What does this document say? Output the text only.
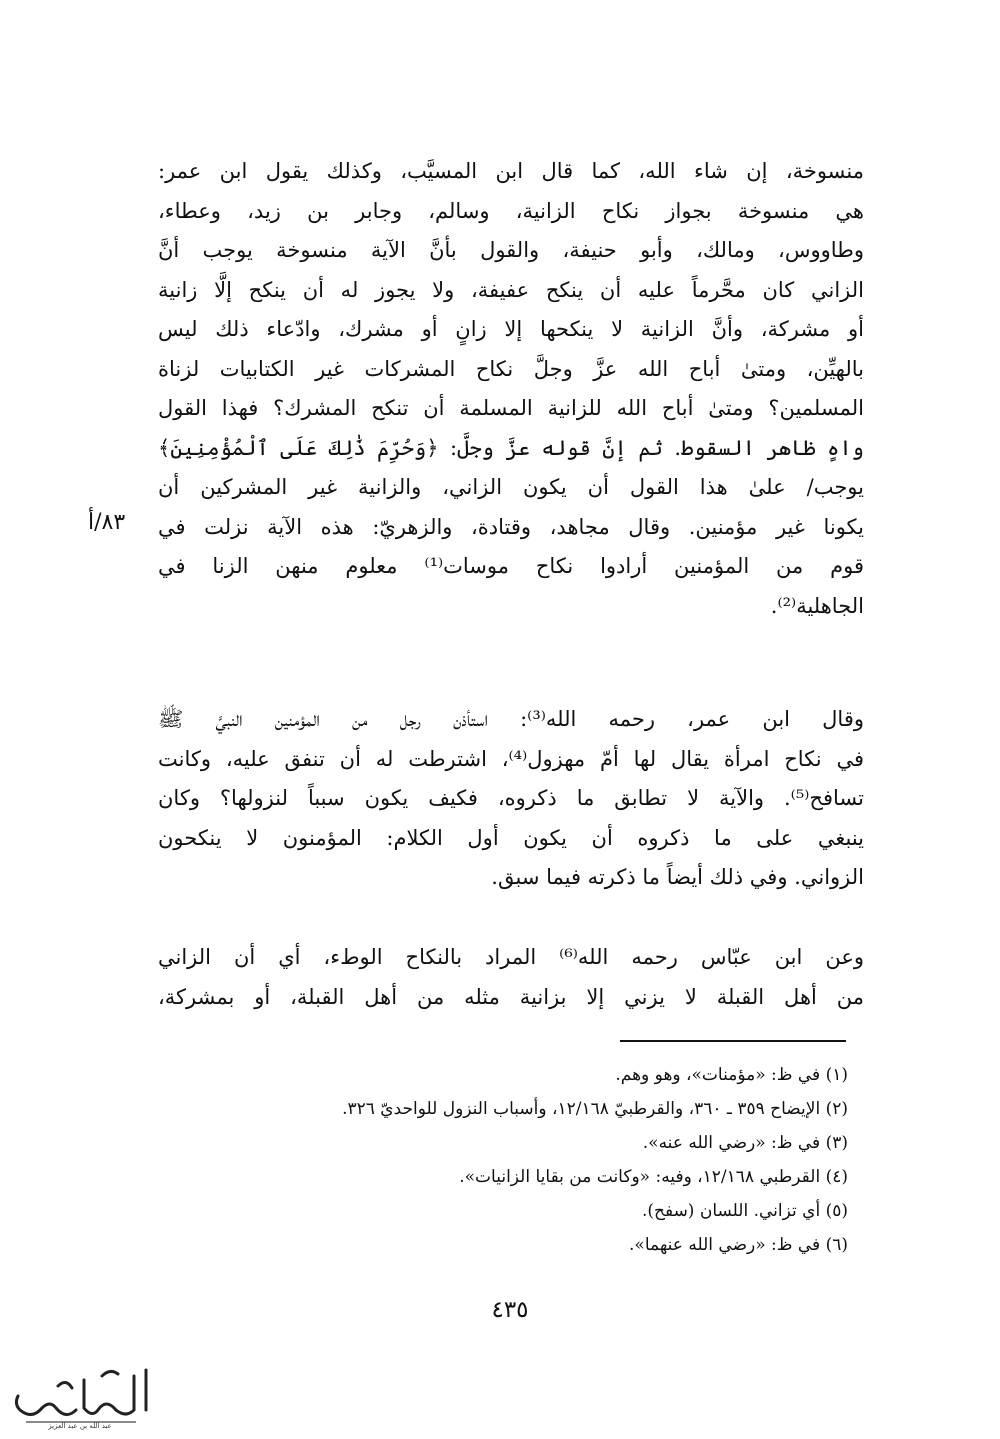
منسوخة، إن شاء الله، كما قال ابن المسيَّب، وكذلك يقول ابن عمر:
هي منسوخة بجواز نكاح الزانية، وسالم، وجابر بن زيد، وعطاء،
وطاووس، ومالك، وأبو حنيفة، والقول بأنَّ الآية منسوخة يوجب أنَّ
الزاني كان محَّرماً عليه أن ينكح عفيفة، ولا يجوز له أن ينكح إلَّا زانية
أو مشركة، وأنَّ الزانية لا ينكحها إلا زانٍ أو مشرك، وادّعاء ذلك ليس
بالهيِّن، ومتىٰ أباح الله عزَّ وجلَّ نكاح المشركات غير الكتابيات لزناة
المسلمين؟ ومتىٰ أباح الله للزانية المسلمة أن تنكح المشرك؟ فهذا القول
واهٍ ظاهر السقوط. ثم إنَّ قوله عزَّ وجلَّ: ﴿وَحُرِّمَ ذَٰلِكَ عَلَى ٱلْمُؤْمِنِينَ﴾
يوجب/ علىٰ هذا القول أن يكون الزاني، والزانية غير المشركين أن
يكونا غير مؤمنين. وقال مجاهد، وقتادة، والزهريّ: هذه الآية نزلت في
قوم من المؤمنين أرادوا نكاح موسات⁽¹⁾ معلوم منهن الزنا في
الجاهلية⁽²⁾.
٨٣/أ
وقال ابن عمر، رحمه الله⁽³⁾: استأذن رجل من المؤمنين النبيَّ ﷺ
في نكاح امرأة يقال لها أمّ مهزول⁽⁴⁾، اشترطت له أن تنفق عليه، وكانت
تسافح⁽⁵⁾. والآية لا تطابق ما ذكروه، فكيف يكون سبباً لنزولها؟ وكان
ينبغي على ما ذكروه أن يكون أول الكلام: المؤمنون لا ينكحون
الزواني. وفي ذلك أيضاً ما ذكرته فيما سبق.
وعن ابن عبّاس رحمه الله⁽⁶⁾ المراد بالنكاح الوطء، أي أن الزاني
من أهل القبلة لا يزني إلا بزانية مثله من أهل القبلة، أو بمشركة،
(١) في ظ: «مؤمنات»، وهو وهم.
(٢) الإيضاح ٣٥٩ ـ ٣٦٠، والقرطبيّ ١٢/١٦٨، وأسباب النزول للواحديّ ٣٢٦.
(٣) في ظ: «رضي الله عنه».
(٤) القرطبي ١٢/١٦٨، وفيه: «وكانت من بقايا الزانيات».
(٥) أي تزاني. اللسان (سفح).
(٦) في ظ: «رضي الله عنهما».
٤٣٥
عبد الله بن عبد العزيز
